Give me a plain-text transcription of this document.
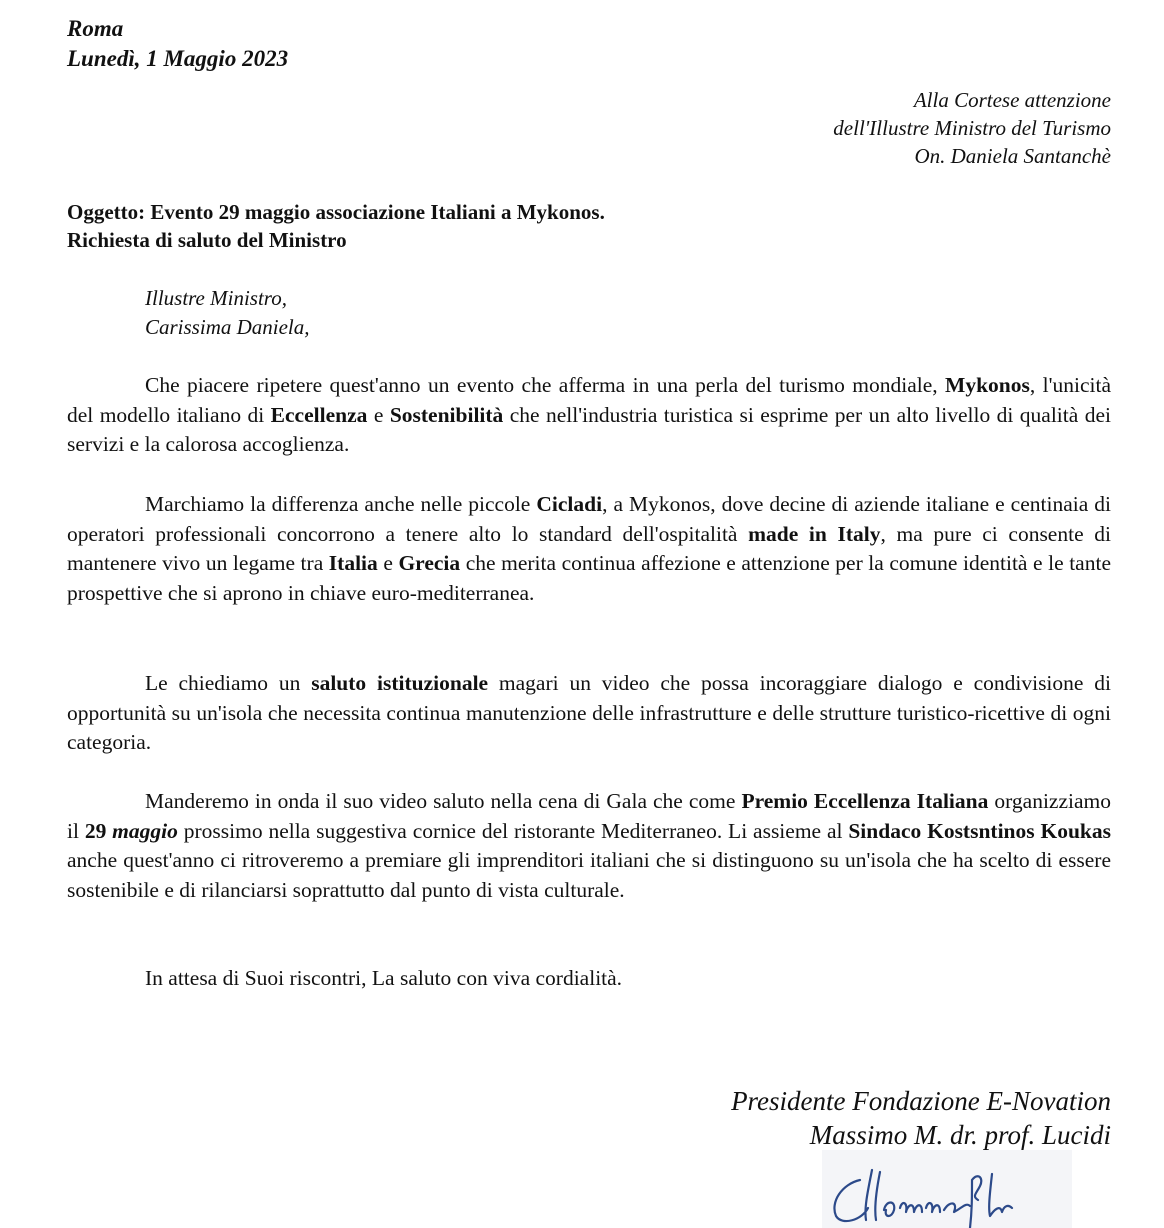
Roma
Lunedì, 1 Maggio 2023
Alla Cortese attenzione
dell'Illustre Ministro del Turismo
On. Daniela Santanchè
Oggetto: Evento 29 maggio associazione Italiani a Mykonos.
Richiesta di saluto del Ministro
Illustre Ministro,
Carissima Daniela,

Che piacere ripetere quest'anno un evento che afferma in una perla del turismo mondiale, Mykonos, l'unicità del modello italiano di Eccellenza e Sostenibilità che nell'industria turistica si esprime per un alto livello di qualità dei servizi e la calorosa accoglienza.

Marchiamo la differenza anche nelle piccole Cicladi, a Mykonos, dove decine di aziende italiane e centinaia di operatori professionali concorrono a tenere alto lo standard dell'ospitalità made in Italy, ma pure ci consente di mantenere vivo un legame tra Italia e Grecia che merita continua affezione e attenzione per la comune identità e le tante prospettive che si aprono in chiave euro-mediterranea.

Le chiediamo un saluto istituzionale magari un video che possa incoraggiare dialogo e condivisione di opportunità su un'isola che necessita continua manutenzione delle infrastrutture e delle strutture turistico-ricettive di ogni categoria.

Manderemo in onda il suo video saluto nella cena di Gala che come Premio Eccellenza Italiana organizziamo il 29 maggio prossimo nella suggestiva cornice del ristorante Mediterraneo. Li assieme al Sindaco Kostsntinos Koukas anche quest'anno ci ritroveremo a premiare gli imprenditori italiani che si distinguono su un'isola che ha scelto di essere sostenibile e di rilanciarsi soprattutto dal punto di vista culturale.

In attesa di Suoi riscontri, La saluto con viva cordialità.

Presidente Fondazione E-Novation
Massimo M. dr. prof. Lucidi
